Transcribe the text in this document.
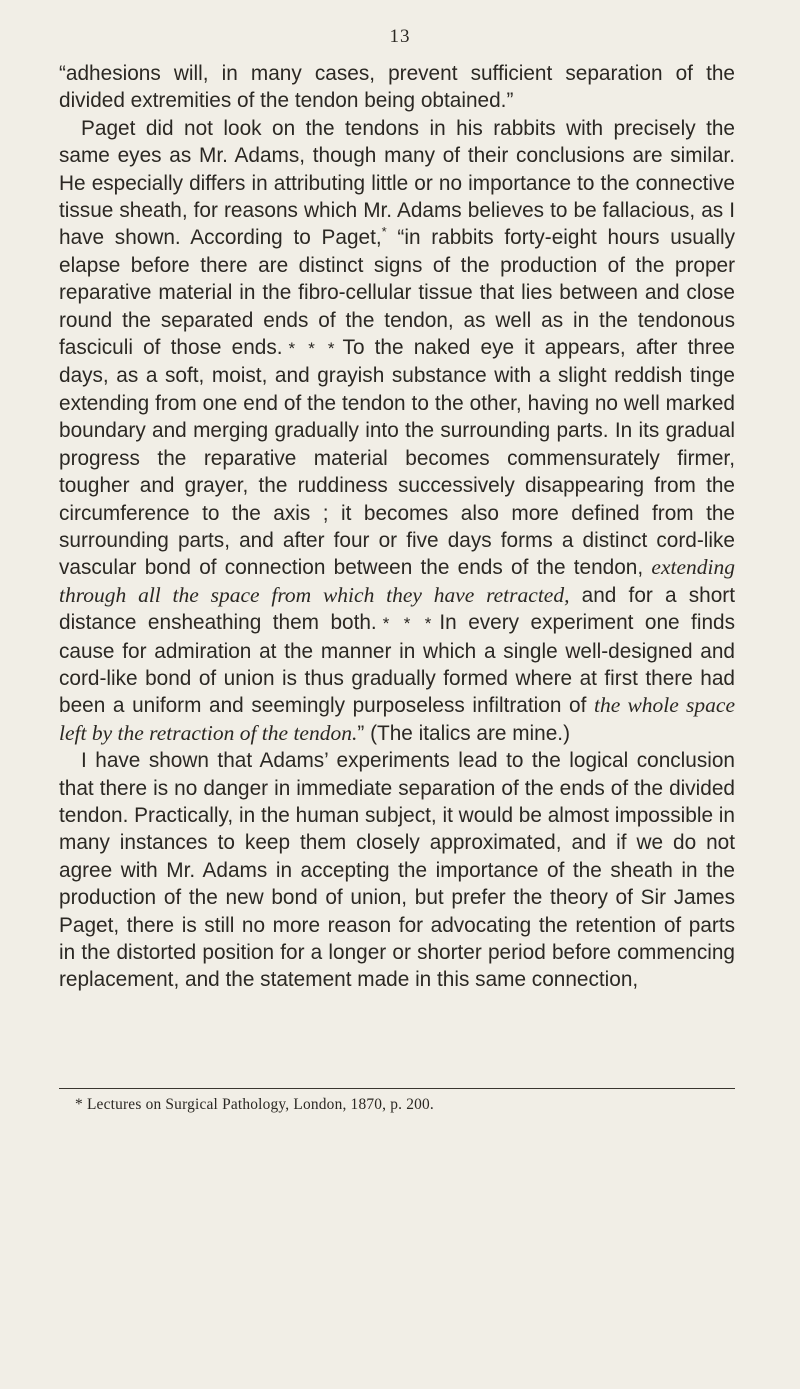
13

“adhesions will, in many cases, prevent sufficient separation of the divided extremities of the tendon being obtained.”

Paget did not look on the tendons in his rabbits with precisely the same eyes as Mr. Adams, though many of their conclusions are similar. He especially differs in attributing little or no importance to the connective tissue sheath, for reasons which Mr. Adams believes to be fallacious, as I have shown. According to Paget,* “in rabbits forty-eight hours usually elapse before there are distinct signs of the production of the proper reparative material in the fibro-cellular tissue that lies between and close round the separated ends of the tendon, as well as in the tendonous fasciculi of those ends. * * * To the naked eye it appears, after three days, as a soft, moist, and grayish substance with a slight reddish tinge extending from one end of the tendon to the other, having no well marked boundary and merging gradually into the surrounding parts. In its gradual progress the reparative material becomes commensurately firmer, tougher and grayer, the ruddiness successively disappearing from the circumference to the axis ; it becomes also more defined from the surrounding parts, and after four or five days forms a distinct cord-like vascular bond of connection between the ends of the tendon, extending through all the space from which they have retracted, and for a short distance ensheathing them both. * * * In every experiment one finds cause for admiration at the manner in which a single well-designed and cord-like bond of union is thus gradually formed where at first there had been a uniform and seemingly purposeless infiltration of the whole space left by the retraction of the tendon.” (The italics are mine.)

I have shown that Adams’ experiments lead to the logical conclusion that there is no danger in immediate separation of the ends of the divided tendon. Practically, in the human subject, it would be almost impossible in many instances to keep them closely approximated, and if we do not agree with Mr. Adams in accepting the importance of the sheath in the production of the new bond of union, but prefer the theory of Sir James Paget, there is still no more reason for advocating the retention of parts in the distorted position for a longer or shorter period before commencing replacement, and the statement made in this same connection,

* Lectures on Surgical Pathology, London, 1870, p. 200.
